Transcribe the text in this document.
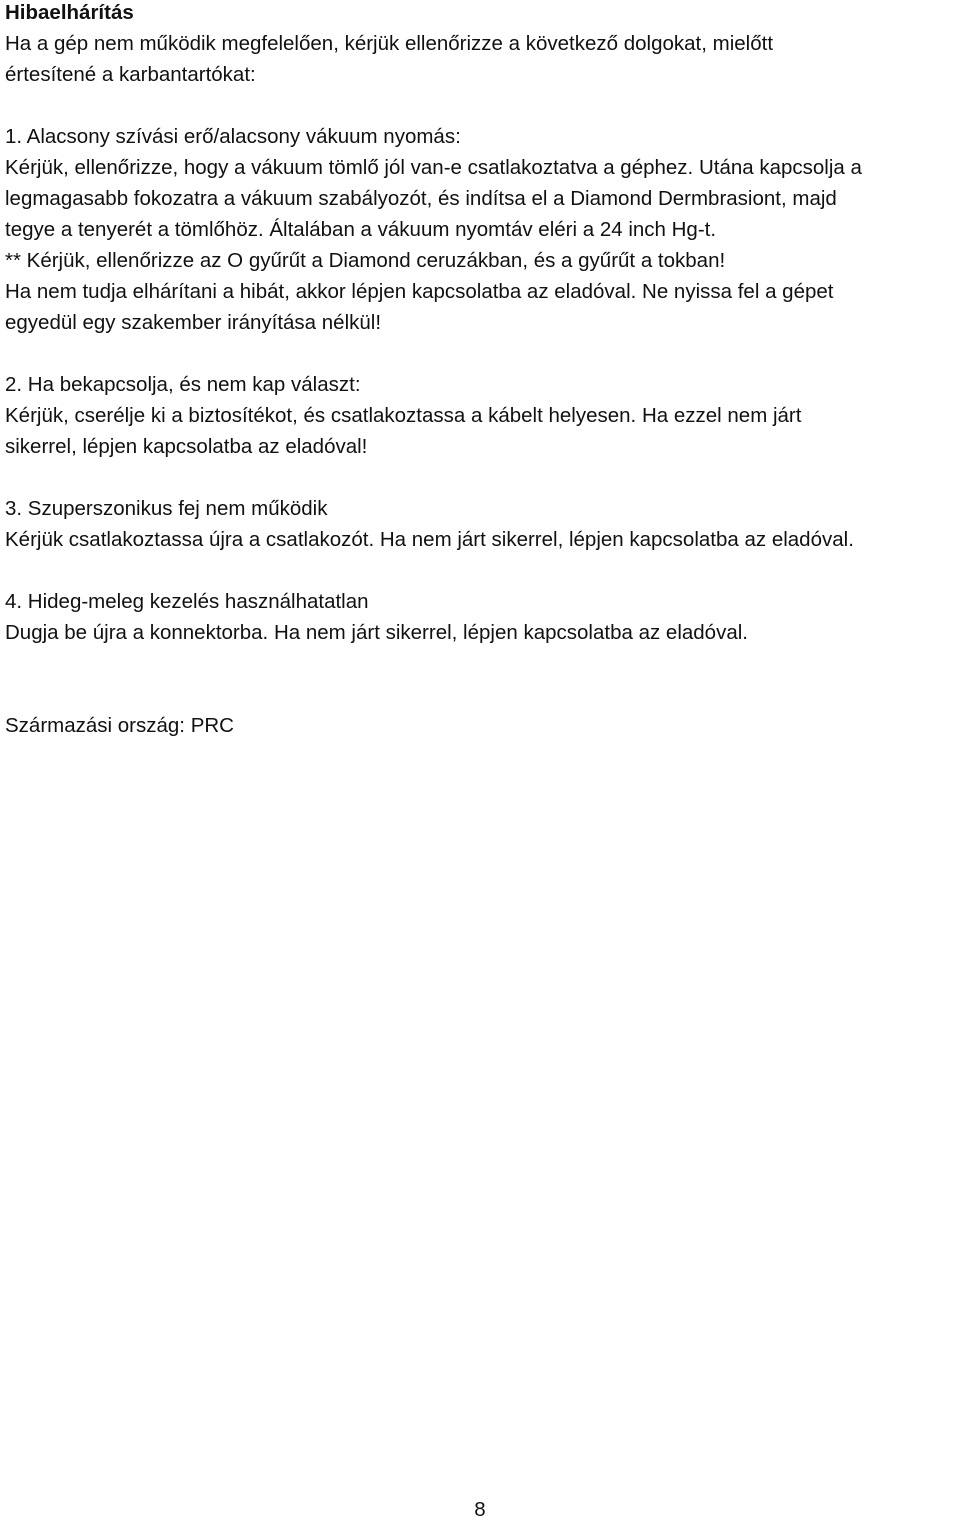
Hibaelhárítás
Ha a gép nem működik megfelelően, kérjük ellenőrizze a következő dolgokat, mielőtt
értesítené a karbantartókat:
1. Alacsony szívási erő/alacsony vákuum nyomás:
Kérjük, ellenőrizze, hogy a vákuum tömlő jól van-e csatlakoztatva a géphez. Utána kapcsolja a
legmagasabb fokozatra a vákuum szabályozót, és indítsa el a Diamond Dermbrasiont, majd
tegye a tenyerét a tömlőhöz. Általában a vákuum nyomtáv eléri a 24 inch Hg-t.
** Kérjük, ellenőrizze az O gyűrűt a Diamond ceruzákban, és a gyűrűt a tokban!
Ha nem tudja elhárítani a hibát, akkor lépjen kapcsolatba az eladóval. Ne nyissa fel a gépet
egyedül egy szakember irányítása nélkül!
2. Ha bekapcsolja, és nem kap választ:
Kérjük, cserélje ki a biztosítékot, és csatlakoztassa a kábelt helyesen. Ha ezzel nem járt
sikerrel, lépjen kapcsolatba az eladóval!
3. Szuperszonikus fej nem működik
Kérjük csatlakoztassa újra a csatlakozót. Ha nem járt sikerrel, lépjen kapcsolatba az eladóval.
4. Hideg-meleg kezelés használhatatlan
Dugja be újra a konnektorba. Ha nem járt sikerrel, lépjen kapcsolatba az eladóval.
Származási ország: PRC
8
